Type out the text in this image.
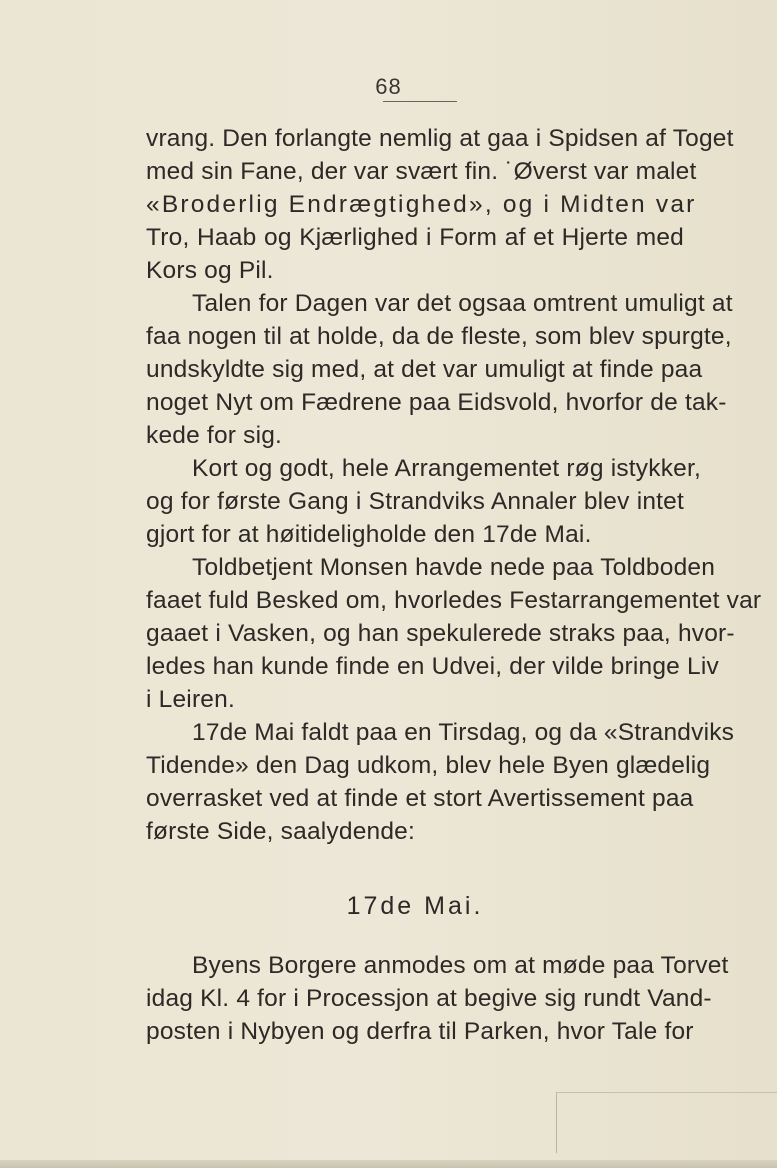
68
vrang. Den forlangte nemlig at gaa i Spidsen af Toget
med sin Fane, der var svært fin. ˙Øverst var malet
«Broderlig Endrægtighed», og i Midten var
Tro, Haab og Kjærlighed i Form af et Hjerte med
Kors og Pil.
Talen for Dagen var det ogsaa omtrent umuligt at
faa nogen til at holde, da de fleste, som blev spurgte,
undskyldte sig med, at det var umuligt at finde paa
noget Nyt om Fædrene paa Eidsvold, hvorfor de tak-
kede for sig.
Kort og godt, hele Arrangementet røg istykker,
og for første Gang i Strandviks Annaler blev intet
gjort for at høitideligholde den 17de Mai.
Toldbetjent Monsen havde nede paa Toldboden
faaet fuld Besked om, hvorledes Festarrangementet var
gaaet i Vasken, og han spekulerede straks paa, hvor-
ledes han kunde finde en Udvei, der vilde bringe Liv
i Leiren.
17de Mai faldt paa en Tirsdag, og da «Strandviks
Tidende» den Dag udkom, blev hele Byen glædelig
overrasket ved at finde et stort Avertissement paa
første Side, saalydende:
17de Mai.
Byens Borgere anmodes om at møde paa Torvet
idag Kl. 4 for i Processjon at begive sig rundt Vand-
posten i Nybyen og derfra til Parken, hvor Tale for
